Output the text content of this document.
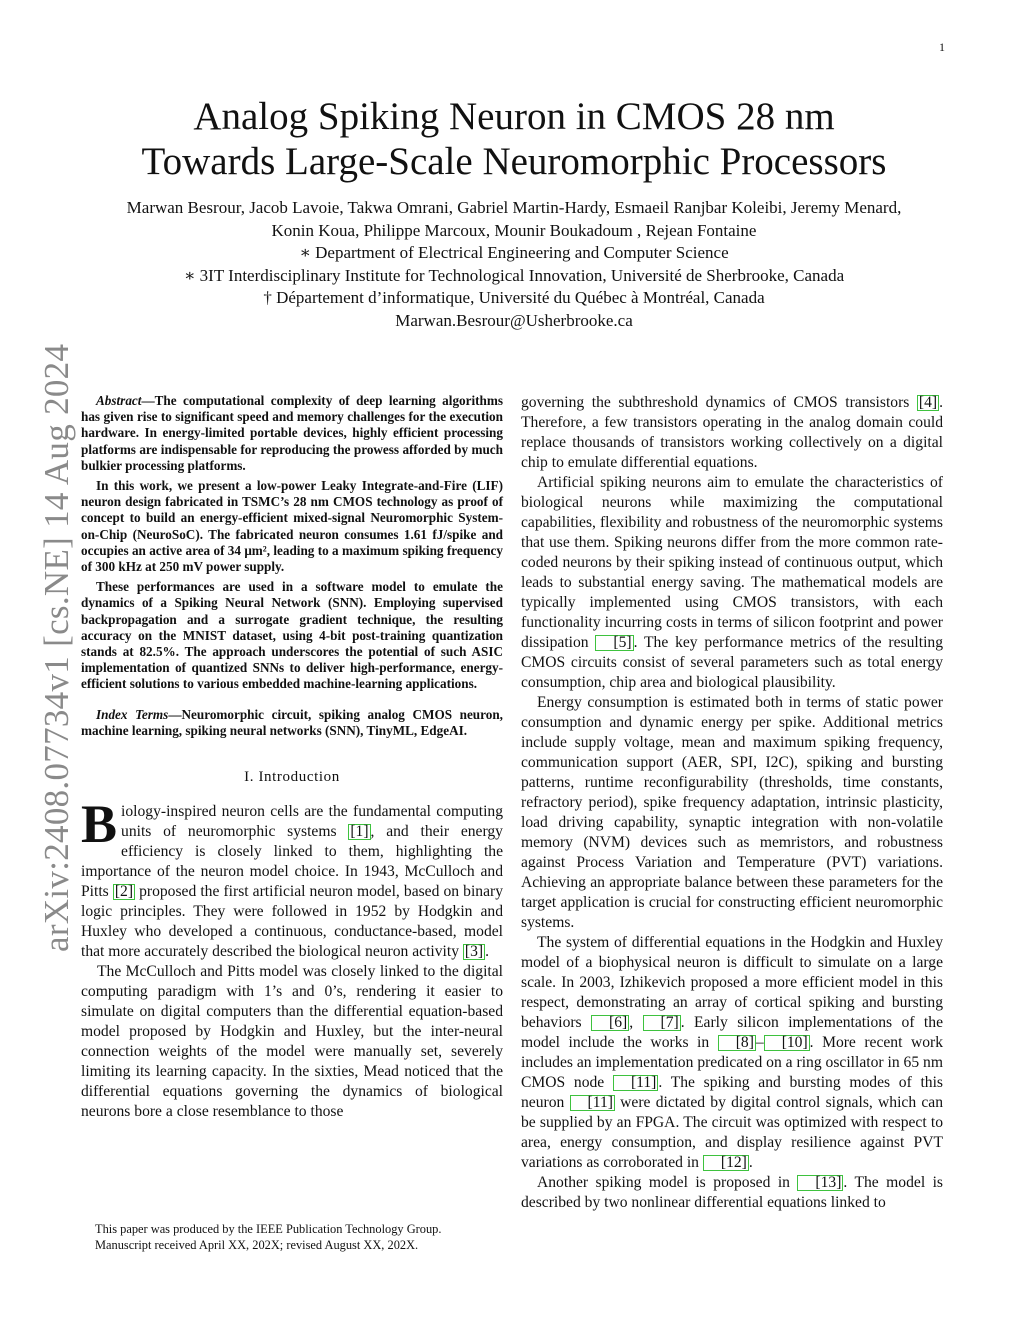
1
arXiv:2408.07734v1 [cs.NE] 14 Aug 2024
Analog Spiking Neuron in CMOS 28 nm
Towards Large-Scale Neuromorphic Processors
Marwan Besrour, Jacob Lavoie, Takwa Omrani, Gabriel Martin-Hardy, Esmaeil Ranjbar Koleibi, Jeremy Menard,
Konin Koua, Philippe Marcoux, Mounir Boukadoum , Rejean Fontaine
∗ Department of Electrical Engineering and Computer Science
∗ 3IT Interdisciplinary Institute for Technological Innovation, Université de Sherbrooke, Canada
† Département d’informatique, Université du Québec à Montréal, Canada
Marwan.Besrour@Usherbrooke.ca

Abstract—The computational complexity of deep learning algorithms has given rise to significant speed and memory challenges for the execution hardware. In energy-limited portable devices, highly efficient processing platforms are indispensable for reproducing the prowess afforded by much bulkier processing platforms.

In this work, we present a low-power Leaky Integrate-and-Fire (LIF) neuron design fabricated in TSMC’s 28 nm CMOS technology as proof of concept to build an energy-efficient mixed-signal Neuromorphic System-on-Chip (NeuroSoC). The fabricated neuron consumes 1.61 fJ/spike and occupies an active area of 34 μm², leading to a maximum spiking frequency of 300 kHz at 250 mV power supply.

These performances are used in a software model to emulate the dynamics of a Spiking Neural Network (SNN). Employing supervised backpropagation and a surrogate gradient technique, the resulting accuracy on the MNIST dataset, using 4-bit post-training quantization stands at 82.5%. The approach underscores the potential of such ASIC implementation of quantized SNNs to deliver high-performance, energy-efficient solutions to various embedded machine-learning applications.

Index Terms—Neuromorphic circuit, spiking analog CMOS neuron, machine learning, spiking neural networks (SNN), TinyML, EdgeAI.

I. Introduction

Biology-inspired neuron cells are the fundamental computing units of neuromorphic systems [1] , and their energy efficiency is closely linked to them, highlighting the importance of the neuron model choice. In 1943, McCulloch and Pitts [2] proposed the first artificial neuron model, based on binary logic principles. They were followed in 1952 by Hodgkin and Huxley who developed a continuous, conductance-based, model that more accurately described the biological neuron activity [3] .

The McCulloch and Pitts model was closely linked to the digital computing paradigm with 1’s and 0’s, rendering it easier to simulate on digital computers than the differential equation-based model proposed by Hodgkin and Huxley, but the inter-neural connection weights of the model were manually set, severely limiting its learning capacity. In the sixties, Mead noticed that the differential equations governing the dynamics of biological neurons bore a close resemblance to those

governing the subthreshold dynamics of CMOS transistors [4] . Therefore, a few transistors operating in the analog domain could replace thousands of transistors working collectively on a digital chip to emulate differential equations.

Artificial spiking neurons aim to emulate the characteristics of biological neurons while maximizing the computational capabilities, flexibility and robustness of the neuromorphic systems that use them. Spiking neurons differ from the more common rate-coded neurons by their spiking instead of continuous output, which leads to substantial energy saving. The mathematical models are typically implemented using CMOS transistors, with each functionality incurring costs in terms of silicon footprint and power dissipation [5] . The key performance metrics of the resulting CMOS circuits consist of several parameters such as total energy consumption, chip area and biological plausibility.

Energy consumption is estimated both in terms of static power consumption and dynamic energy per spike. Additional metrics include supply voltage, mean and maximum spiking frequency, communication support (AER, SPI, I2C), spiking and bursting patterns, runtime reconfigurability (thresholds, time constants, refractory period), spike frequency adaptation, intrinsic plasticity, load driving capability, synaptic integration with non-volatile memory (NVM) devices such as memristors, and robustness against Process Variation and Temperature (PVT) variations. Achieving an appropriate balance between these parameters for the target application is crucial for constructing efficient neuromorphic systems.

The system of differential equations in the Hodgkin and Huxley model of a biophysical neuron is difficult to simulate on a large scale. In 2003, Izhikevich proposed a more efficient model in this respect, demonstrating an array of cortical spiking and bursting behaviors [6] , [7] . Early silicon implementations of the model include the works in [8] – [10] . More recent work includes an implementation predicated on a ring oscillator in 65 nm CMOS node [11] . The spiking and bursting modes of this neuron [11] were dictated by digital control signals, which can be supplied by an FPGA. The circuit was optimized with respect to area, energy consumption, and display resilience against PVT variations as corroborated in [12] .

Another spiking model is proposed in [13] . The model is described by two nonlinear differential equations linked to

This paper was produced by the IEEE Publication Technology Group.
Manuscript received April XX, 202X; revised August XX, 202X.
